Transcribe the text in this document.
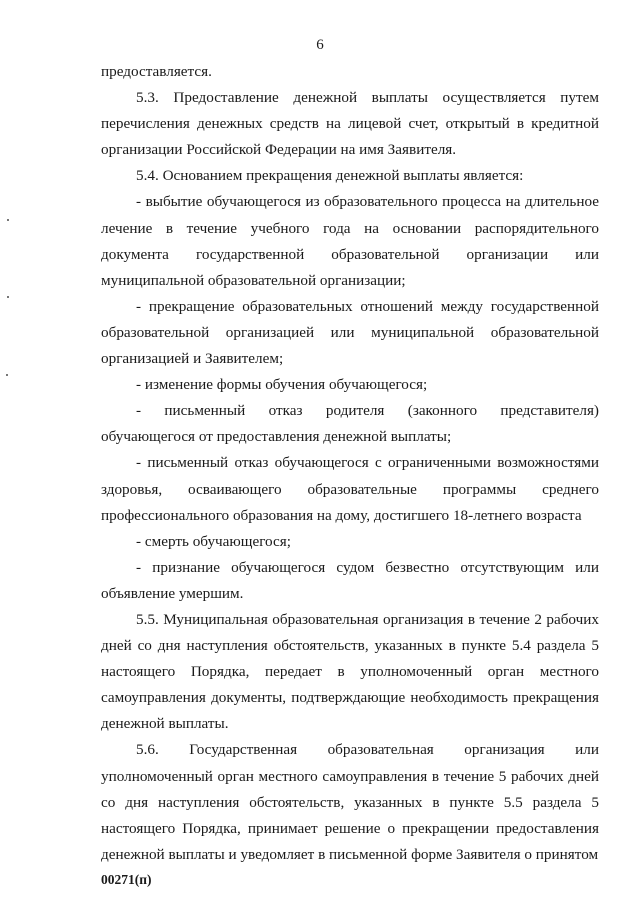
6

предоставляется.

5.3. Предоставление денежной выплаты осуществляется путем перечисления денежных средств на лицевой счет, открытый в кредитной организации Российской Федерации на имя Заявителя.

5.4. Основанием прекращения денежной выплаты является:

- выбытие обучающегося из образовательного процесса на длительное лечение в течение учебного года на основании распорядительного документа государственной образовательной организации или муниципальной образовательной организации;

- прекращение образовательных отношений между государственной образовательной организацией или муниципальной образовательной организацией и Заявителем;

- изменение формы обучения обучающегося;

- письменный отказ родителя (законного представителя) обучающегося от предоставления денежной выплаты;

- письменный отказ обучающегося с ограниченными возможностями здоровья, осваивающего образовательные программы среднего профессионального образования на дому, достигшего 18-летнего возраста

- смерть обучающегося;

- признание обучающегося судом безвестно отсутствующим или объявление умершим.

5.5. Муниципальная образовательная организация в течение 2 рабочих дней со дня наступления обстоятельств, указанных в пункте 5.4 раздела 5 настоящего Порядка, передает в уполномоченный орган местного самоуправления документы, подтверждающие необходимость прекращения денежной выплаты.

5.6. Государственная образовательная организация или уполномоченный орган местного самоуправления в течение 5 рабочих дней со дня наступления обстоятельств, указанных в пункте 5.5 раздела 5 настоящего Порядка, принимает решение о прекращении предоставления денежной выплаты и уведомляет в письменной форме Заявителя о принятом

00271(п)
